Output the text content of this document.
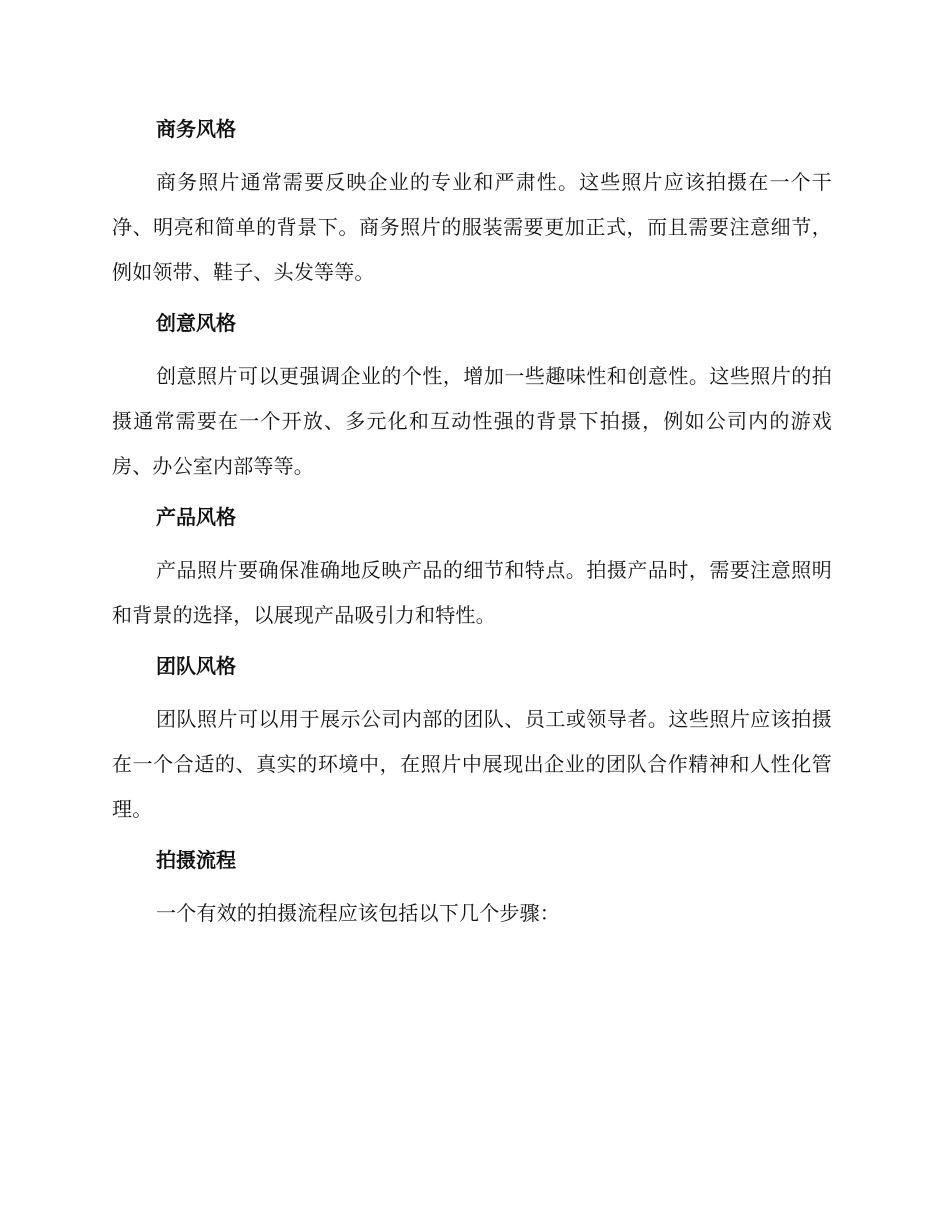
商务风格

商务照片通常需要反映企业的专业和严肃性。这些照片应该拍摄在一个干净、明亮和简单的背景下。商务照片的服装需要更加正式，而且需要注意细节，例如领带、鞋子、头发等等。

创意风格

创意照片可以更强调企业的个性，增加一些趣味性和创意性。这些照片的拍摄通常需要在一个开放、多元化和互动性强的背景下拍摄，例如公司内的游戏房、办公室内部等等。

产品风格

产品照片要确保准确地反映产品的细节和特点。拍摄产品时，需要注意照明和背景的选择，以展现产品吸引力和特性。

团队风格

团队照片可以用于展示公司内部的团队、员工或领导者。这些照片应该拍摄在一个合适的、真实的环境中，在照片中展现出企业的团队合作精神和人性化管理。

拍摄流程

一个有效的拍摄流程应该包括以下几个步骤：
